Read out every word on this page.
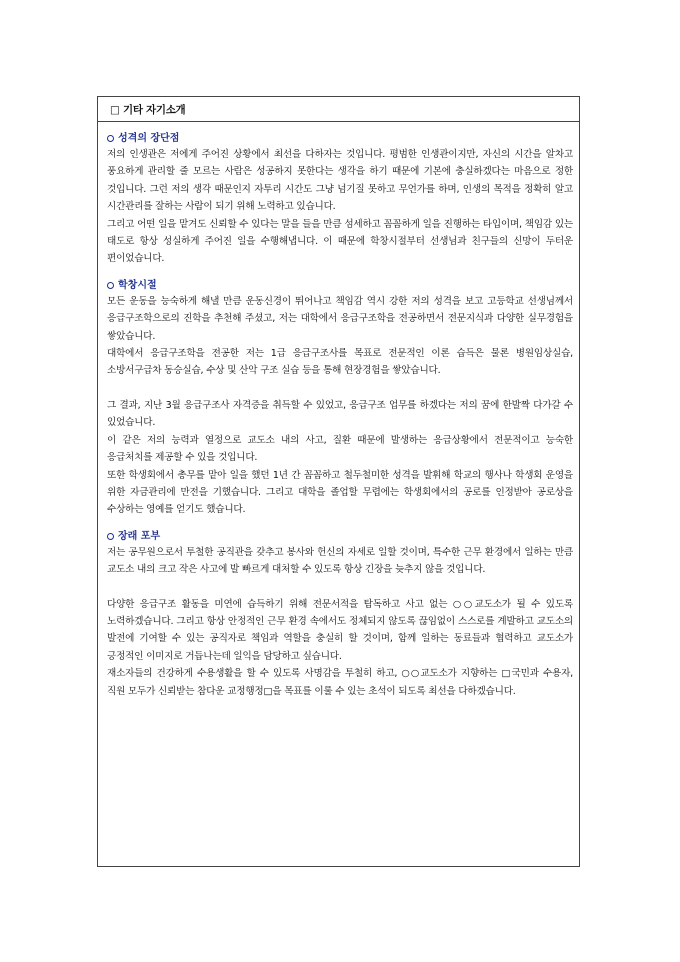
□ 기타 자기소개
성격의 장단점

저의 인생관은 저에게 주어진 상황에서 최선을 다하자는 것입니다. 평범한 인생관이지만, 자신의 시간을 알차고 풍요하게 관리할 줄 모르는 사람은 성공하지 못한다는 생각을 하기 때문에 기본에 충실하겠다는 마음으로 정한 것입니다. 그런 저의 생각 때문인지 자투리 시간도 그냥 넘기질 못하고 무언가를 하며, 인생의 목적을 정확히 알고 시간관리를 잘하는 사람이 되기 위해 노력하고 있습니다.

그리고 어떤 일을 맡겨도 신뢰할 수 있다는 말을 들을 만큼 섬세하고 꼼꼼하게 일을 진행하는 타입이며, 책임감 있는 태도로 항상 성실하게 주어진 일을 수행해냅니다. 이 때문에 학창시절부터 선생님과 친구들의 신망이 두터운 편이었습니다.

학창시절

모든 운동을 능숙하게 해낼 만큼 운동신경이 뛰어나고 책임감 역시 강한 저의 성격을 보고 고등학교 선생님께서 응급구조학으로의 진학을 추천해 주셨고, 저는 대학에서 응급구조학을 전공하면서 전문지식과 다양한 실무경험을 쌓았습니다.

대학에서 응급구조학을 전공한 저는 1급 응급구조사를 목표로 전문적인 이론 습득은 물론 병원임상실습, 소방서구급차 동승실습, 수상 및 산악 구조 실습 등을 통해 현장경험을 쌓았습니다.

그 결과, 지난 3월 응급구조사 자격증을 취득할 수 있었고, 응급구조 업무를 하겠다는 저의 꿈에 한발짝 다가갈 수 있었습니다.

이 같은 저의 능력과 열정으로 교도소 내의 사고, 질환 때문에 발생하는 응급상황에서 전문적이고 능숙한 응급처치를 제공할 수 있을 것입니다.

또한 학생회에서 총무를 맡아 일을 했던 1년 간 꼼꼼하고 철두철미한 성격을 발휘해 학교의 행사나 학생회 운영을 위한 자금관리에 만전을 기했습니다. 그리고 대학을 졸업할 무렵에는 학생회에서의 공로를 인정받아 공로상을 수상하는 영예를 얻기도 했습니다.

장래 포부

저는 공무원으로서 투철한 공직관을 갖추고 봉사와 헌신의 자세로 일할 것이며, 특수한 근무 환경에서 일하는 만큼 교도소 내의 크고 작은 사고에 발 빠르게 대처할 수 있도록 항상 긴장을 늦추지 않을 것입니다.

다양한 응급구조 활동을 미연에 습득하기 위해 전문서적을 탐독하고 사고 없는 ○○교도소가 될 수 있도록 노력하겠습니다. 그리고 항상 안정적인 근무 환경 속에서도 정체되지 않도록 끊임없이 스스로를 계발하고 교도소의 발전에 기여할 수 있는 공직자로 책임과 역할을 충실히 할 것이며, 함께 일하는 동료들과 협력하고 교도소가 긍정적인 이미지로 거듭나는데 일익을 담당하고 싶습니다.

재소자들의 건강하게 수용생활을 할 수 있도록 사명감을 투철히 하고, ○○교도소가 지향하는 □국민과 수용자, 직원 모두가 신뢰받는 참다운 교정행정□을 목표를 이룰 수 있는 초석이 되도록 최선을 다하겠습니다.
